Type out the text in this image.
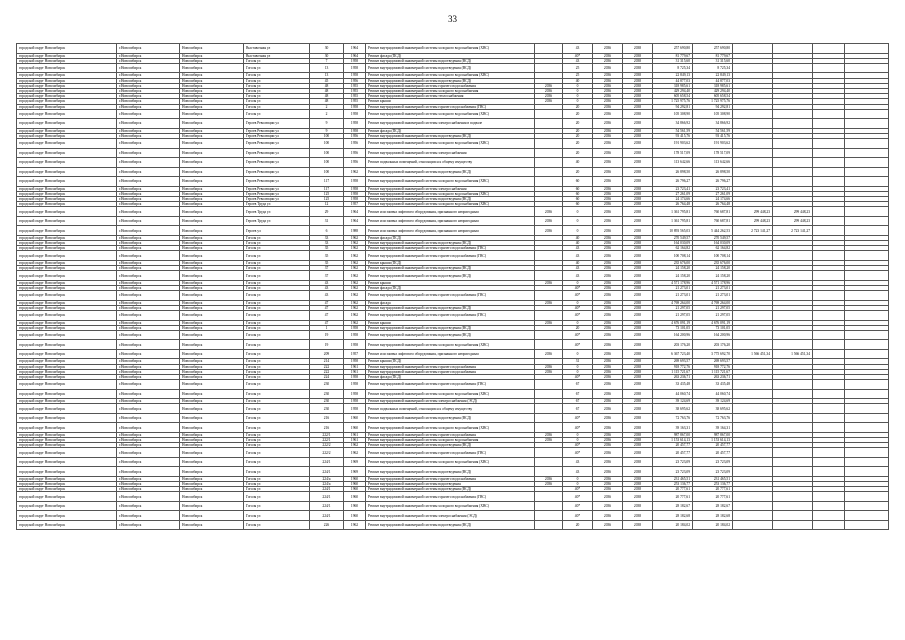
33
городской округ Новосибирск	г.Новосибирск	Новосибирск	Выставочная ул	30	1964	Ремонт внутридомовой инженерной системы холодного водоснабжения (ХВС)		43	2036	2038	257 690,80	257 690,80				
городской округ Новосибирск	г.Новосибирск	Новосибирск	Выставочная ул	30	1964	Ремонт фасада (ПСД)		40*	2036	2038	81 779,67	81 779,67				
городской округ Новосибирск	г.Новосибирск	Новосибирск	Гоголя ул	7	1958	Ремонт внутридомовой инженерной системы водоотведения (ВСД)		43	2036	2038	31 315,60	31 315,60				
городской округ Новосибирск	г.Новосибирск	Новосибирск	Гоголя ул	13	1958	Ремонт внутридомовой инженерной системы водоотведения (ВСД)		25	2036	2038	8 725,34	8 725,34				
городской округ Новосибирск	г.Новосибирск	Новосибирск	Гоголя ул	13	1958	Ремонт внутридомовой инженерной системы холодного водоснабжения (ХВС)		25	2036	2038	22 849,13	22 849,13				
городской округ Новосибирск	г.Новосибирск	Новосибирск	Гоголя ул	45	1956	Ремонт внутридомовой инженерной системы водоотведения (ВСД)		40	2036	2038	44 877,03	44 877,03				
городской округ Новосибирск	г.Новосибирск	Новосибирск	Гоголя ул	48	1955	Ремонт внутридомовой инженерной системы горячего водоснабжения	2036	0	2036	2038	318 985,61	318 985,61				
городской округ Новосибирск	г.Новосибирск	Новосибирск	Гоголя ул	48	1955	Ремонт внутридомовой инженерной системы холодного водоснабжения	2036	0	2036	2038	429 294,40	429 294,40				
городской округ Новосибирск	г.Новосибирск	Новосибирск	Гоголя ул	48	1955	Ремонт внутридомовой инженерной системы теплоснабжения	2036	0	2036	2038	605 658,54	605 658,54				
городской округ Новосибирск	г.Новосибирск	Новосибирск	Гоголя ул	48	1955	Ремонт крыши	2036	0	2036	2038	1 725 975,76	1 725 975,76				
городской округ Новосибирск	г.Новосибирск	Новосибирск	Гоголя ул	2	1958	Ремонт внутридомовой инженерной системы горячего водоснабжения (ГВС)		20	2036	2038	94 292,81	94 292,81				
городской округ Новосибирск	г.Новосибирск	Новосибирск	Гоголя ул	2	1958	Ремонт внутридомовой инженерной системы холодного водоснабжения (ХВС)		20	2036	2038	105 308,90	105 308,90				
городской округ Новосибирск	г.Новосибирск	Новосибирск	Героев Революции ул	9	1958	Ремонт внутридомовой инженерной системы электроснабжения в подвале		20	2036	2038	34 866,92	34 866,92				
городской округ Новосибирск	г.Новосибирск	Новосибирск	Героев Революции ул	9	1958	Ремонт фасада (ПСД)		20	2036	2038	54 561,59	54 561,59				
городской округ Новосибирск	г.Новосибирск	Новосибирск	Героев Революции ул	100	1956	Ремонт внутридомовой инженерной системы водоотведения (ВСД)		20	2036	2038	93 415,76	93 415,76				
городской округ Новосибирск	г.Новосибирск	Новосибирск	Героев Революции ул	100	1956	Ремонт внутридомовой инженерной системы холодного водоснабжения (ХВС)		20	2036	2038	191 903,62	191 903,62				
городской округ Новосибирск	г.Новосибирск	Новосибирск	Героев Революции ул	100	1956	Ремонт внутридомовой инженерной системы электроснабжения		20	2036	2038	178 517,09	178 517,09				
городской округ Новосибирск	г.Новосибирск	Новосибирск	Героев Революции ул	100	1956	Ремонт подвальных помещений, относящихся к общему имуществу		40	2036	2038	113 642,66	113 642,66				
городской округ Новосибирск	г.Новосибирск	Новосибирск	Героев Революции ул	100	1962	Ремонт внутридомовой инженерной системы водоотведения (ВСД)		20	2036	2038	26 898,50	26 898,50				
городской округ Новосибирск	г.Новосибирск	Новосибирск	Героев Революции ул	117	1958	Ремонт внутридомовой инженерной системы холодного водоснабжения (ХВС)		60	2036	2038	26 796,27	26 796,27				
городской округ Новосибирск	г.Новосибирск	Новосибирск	Героев Революции ул	117	1958	Ремонт внутридомовой инженерной системы электроснабжения		60	2036	2038	23 723,41	23 723,41				
городской округ Новосибирск	г.Новосибирск	Новосибирск	Героев Революции ул	125	1958	Ремонт внутридомовой инженерной системы холодного водоснабжения (ХВС)		60	2036	2038	27 261,09	27 261,09				
городской округ Новосибирск	г.Новосибирск	Новосибирск	Героев Революции ул	125	1958	Ремонт внутридомовой инженерной системы водоотведения (ВСД)		60	2036	2038	24 174,66	24 174,66				
городской округ Новосибирск	г.Новосибирск	Новосибирск	Героев Труда ул	12	1957	Ремонт внутридомовой инженерной системы холодного водоснабжения (ХВС)		60	2036	2038	26 764,48	26 764,48				
городской округ Новосибирск	г.Новосибирск	Новосибирск	Героев Труда ул	29	1964	Ремонт или замена лифтового оборудования, признанного непригодным	2036	0	2036	2038	1 361 795,81	760 687,81	299 448,23	299 448,23		
городской округ Новосибирск	г.Новосибирск	Новосибирск	Героев Труда ул	31	1964	Ремонт или замена лифтового оборудования, признанного непригодным	2036	0	2036	2038	1 361 795,81	760 687,81	299 448,23	299 448,23		
городской округ Новосибирск	г.Новосибирск	Новосибирск	Героев ул	6	1988	Ремонт или замена лифтового оборудования, признанного непригодным	2036	0	2036	2038	10 893 565,03	5 444 262,53	2 723 141,27	2 723 141,27		
городской округ Новосибирск	г.Новосибирск	Новосибирск	Гоголя ул	33	1962	Ремонт фасада (ПСД)		40	2036	2038	270 549,57	270 549,57				
городской округ Новосибирск	г.Новосибирск	Новосибирск	Гоголя ул	33	1962	Ремонт внутридомовой инженерной системы водоотведения (ВСД)		40	2036	2038	164 030,09	164 030,09				
городской округ Новосибирск	г.Новосибирск	Новосибирск	Гоголя ул	35	1962	Ремонт внутридомовой инженерной системы горячего водоснабжения (ГВС)		43	2036	2038	62 164,82	62 164,82				
городской округ Новосибирск	г.Новосибирск	Новосибирск	Гоголя ул	35	1962	Ремонт внутридомовой инженерной системы горячего водоснабжения (ГВС)		43	2036	2038	100 708,14	100 708,14				
городской округ Новосибирск	г.Новосибирск	Новосибирск	Гоголя ул	35	1962	Ремонт крыши (ПСД)		40	2036	2038	235 676,00	235 676,00				
городской округ Новосибирск	г.Новосибирск	Новосибирск	Гоголя ул	37	1962	Ремонт внутридомовой инженерной системы водоотведения (ВСД)		43	2036	2038	24 158,20	24 158,20				
городской округ Новосибирск	г.Новосибирск	Новосибирск	Гоголя ул	37	1962	Ремонт внутридомовой инженерной системы водоотведения (ВСД)		43	2036	2038	24 158,20	24 158,20				
городской округ Новосибирск	г.Новосибирск	Новосибирск	Гоголя ул	43	1962	Ремонт крыши	2036	0	2036	2038	4 571 178,96	4 571 178,96				
городской округ Новосибирск	г.Новосибирск	Новосибирск	Гоголя ул	43	1962	Ремонт фасада (ПСД)		40*	2036	2038	21 273,01	21 273,01				
городской округ Новосибирск	г.Новосибирск	Новосибирск	Гоголя ул	43	1962	Ремонт внутридомовой инженерной системы горячего водоснабжения (ГВС)		40*	2036	2038	21 273,01	21 273,01				
городской округ Новосибирск	г.Новосибирск	Новосибирск	Гоголя ул	47	1962	Ремонт фасада	2036	0	2036	2038	4 769 264,00	4 769 264,00				
городской округ Новосибирск	г.Новосибирск	Новосибирск	Гоголя ул	47	1962	Ремонт внутридомовой инженерной системы водоотведения (ВСД)		40*	2036	2038	21 297,05	21 297,05				
городской округ Новосибирск	г.Новосибирск	Новосибирск	Гоголя ул	47	1962	Ремонт внутридомовой инженерной системы горячего водоснабжения (ГВС)		40*	2036	2038	21 297,05	21 297,05				
городской округ Новосибирск	г.Новосибирск	Новосибирск	Гоголя ул	47	1962	Ремонт крыши	2036	0	2036	2038	4 676 091,19	4 676 091,19				
городской округ Новосибирск	г.Новосибирск	Новосибирск	Гоголя ул	1	1958	Ремонт внутридомовой инженерной системы водоотведения (ВСД)		20	2036	2038	73 101,05	73 101,05				
городской округ Новосибирск	г.Новосибирск	Новосибирск	Гоголя ул	19	1958	Ремонт внутридомовой инженерной системы водоотведения (ВСД)		40*	2036	2038	164 200,96	164 200,96				
городской округ Новосибирск	г.Новосибирск	Новосибирск	Гоголя ул	19	1958	Ремонт внутридомовой инженерной системы холодного водоснабжения (ХВС)		40*	2036	2038	203 176,20	203 176,20				
городской округ Новосибирск	г.Новосибирск	Новосибирск	Гоголя ул	209	1957	Ремонт или замена лифтового оборудования, признанного непригодным	2036	0	2036	2038	6 367 723,40	3 775 692,70	1 566 451,34	1 566 451,34		
городской округ Новосибирск	г.Новосибирск	Новосибирск	Гоголя ул	214	1958	Ремонт крыши (ПСД)		31	2036	2038	269 693,57	269 693,57				
городской округ Новосибирск	г.Новосибирск	Новосибирск	Гоголя ул	222	1961	Ремонт внутридомовой инженерной системы горячего водоснабжения	2036	0	2036	2038	918 772,76	918 772,76				
городской округ Новосибирск	г.Новосибирск	Новосибирск	Гоголя ул	222	1961	Ремонт внутридомовой инженерной системы горячего водоснабжения	2036	0	2036	2038	1 115 721,67	1 115 721,67				
городской округ Новосибирск	г.Новосибирск	Новосибирск	Гоголя ул	224	1958	Ремонт фасада (ПСД)		40*	2036	2038	263 236,71	263 236,71				
городской округ Новосибирск	г.Новосибирск	Новосибирск	Гоголя ул	230	1958	Ремонт внутридомовой инженерной системы горячего водоснабжения (ГВС)		67	2036	2038	33 435,48	33 435,48				
городской округ Новосибирск	г.Новосибирск	Новосибирск	Гоголя ул	230	1958	Ремонт внутридомовой инженерной системы холодного водоснабжения (ХВС)		67	2036	2038	44 060,74	44 060,74				
городской округ Новосибирск	г.Новосибирск	Новосибирск	Гоголя ул	230	1958	Ремонт внутридомовой инженерной системы электроснабжения (ЭСД)		67	2036	2038	39 124,69	39 124,69				
городской округ Новосибирск	г.Новосибирск	Новосибирск	Гоголя ул	230	1958	Ремонт подвальных помещений, относящихся к общему имуществу		67	2036	2038	38 695,62	38 695,62				
городской округ Новосибирск	г.Новосибирск	Новосибирск	Гоголя ул	216	1960	Ремонт внутридомовой инженерной системы водоотведения (ВСД)		40*	2036	2038	72 763,76	72 763,76				
городской округ Новосибирск	г.Новосибирск	Новосибирск	Гоголя ул	216	1960	Ремонт внутридомовой инженерной системы холодного водоснабжения (ХВС)		40*	2036	2038	39 163,31	39 164,31				
городской округ Новосибирск	г.Новосибирск	Новосибирск	Гоголя ул	222/1	1961	Ремонт внутридомовой инженерной системы горячего водоснабжения	2036	0	2036	2038	987 867,00	987 867,00				
городской округ Новосибирск	г.Новосибирск	Новосибирск	Гоголя ул	222/1	1961	Ремонт внутридомовой инженерной системы холодного водоснабжения	2036	0	2036	2038	1 153 614,13	1 153 614,13				
городской округ Новосибирск	г.Новосибирск	Новосибирск	Гоголя ул	222/2	1962	Ремонт внутридомовой инженерной системы водоотведения (ВСД)		40*	2036	2038	20 457,77	20 457,77				
городской округ Новосибирск	г.Новосибирск	Новосибирск	Гоголя ул	222/2	1962	Ремонт внутридомовой инженерной системы горячего водоснабжения (ГВС)		40*	2036	2038	20 457,77	20 457,77				
городской округ Новосибирск	г.Новосибирск	Новосибирск	Гоголя ул	224/1	1969	Ремонт внутридомовой инженерной системы холодного водоснабжения (ХВС)		43	2036	2038	23 723,09	23 723,09				
городской округ Новосибирск	г.Новосибирск	Новосибирск	Гоголя ул	224/1	1969	Ремонт внутридомовой инженерной системы водоотведения (ВСД)		43	2036	2038	23 723,09	23 723,09				
городской округ Новосибирск	г.Новосибирск	Новосибирск	Гоголя ул	224/а	1960	Ремонт внутридомовой инженерной системы горячего водоснабжения	2036	0	2036	2038	231 465,51	231 465,51				
городской округ Новосибирск	г.Новосибирск	Новосибирск	Гоголя ул	224/а	1960	Ремонт внутридомовой инженерной системы водоотведения	2036	0	2036	2038	253 136,77	253 136,77				
городской округ Новосибирск	г.Новосибирск	Новосибирск	Гоголя ул	224/1	1960	Ремонт внутридомовой инженерной системы водоотведения (ВСД)		40*	2036	2038	20 777,61	20 777,61				
городской округ Новосибирск	г.Новосибирск	Новосибирск	Гоголя ул	224/1	1960	Ремонт внутридомовой инженерной системы горячего водоснабжения (ГВС)		40*	2036	2038	20 777,61	20 777,61				
городской округ Новосибирск	г.Новосибирск	Новосибирск	Гоголя ул	224/1	1960	Ремонт внутридомовой инженерной системы холодного водоснабжения (ХВС)		40*	2036	2038	28 182,67	28 182,67				
городской округ Новосибирск	г.Новосибирск	Новосибирск	Гоголя ул	224/1	1960	Ремонт внутридомовой инженерной системы электроснабжения (ЭСД)		40*	2036	2038	28 182,68	28 182,68				
городской округ Новосибирск	г.Новосибирск	Новосибирск	Гоголя ул	226	1962	Ремонт внутридомовой инженерной системы водоотведения (ВСД)		20	2036	2038	20 184,02	20 184,02				
